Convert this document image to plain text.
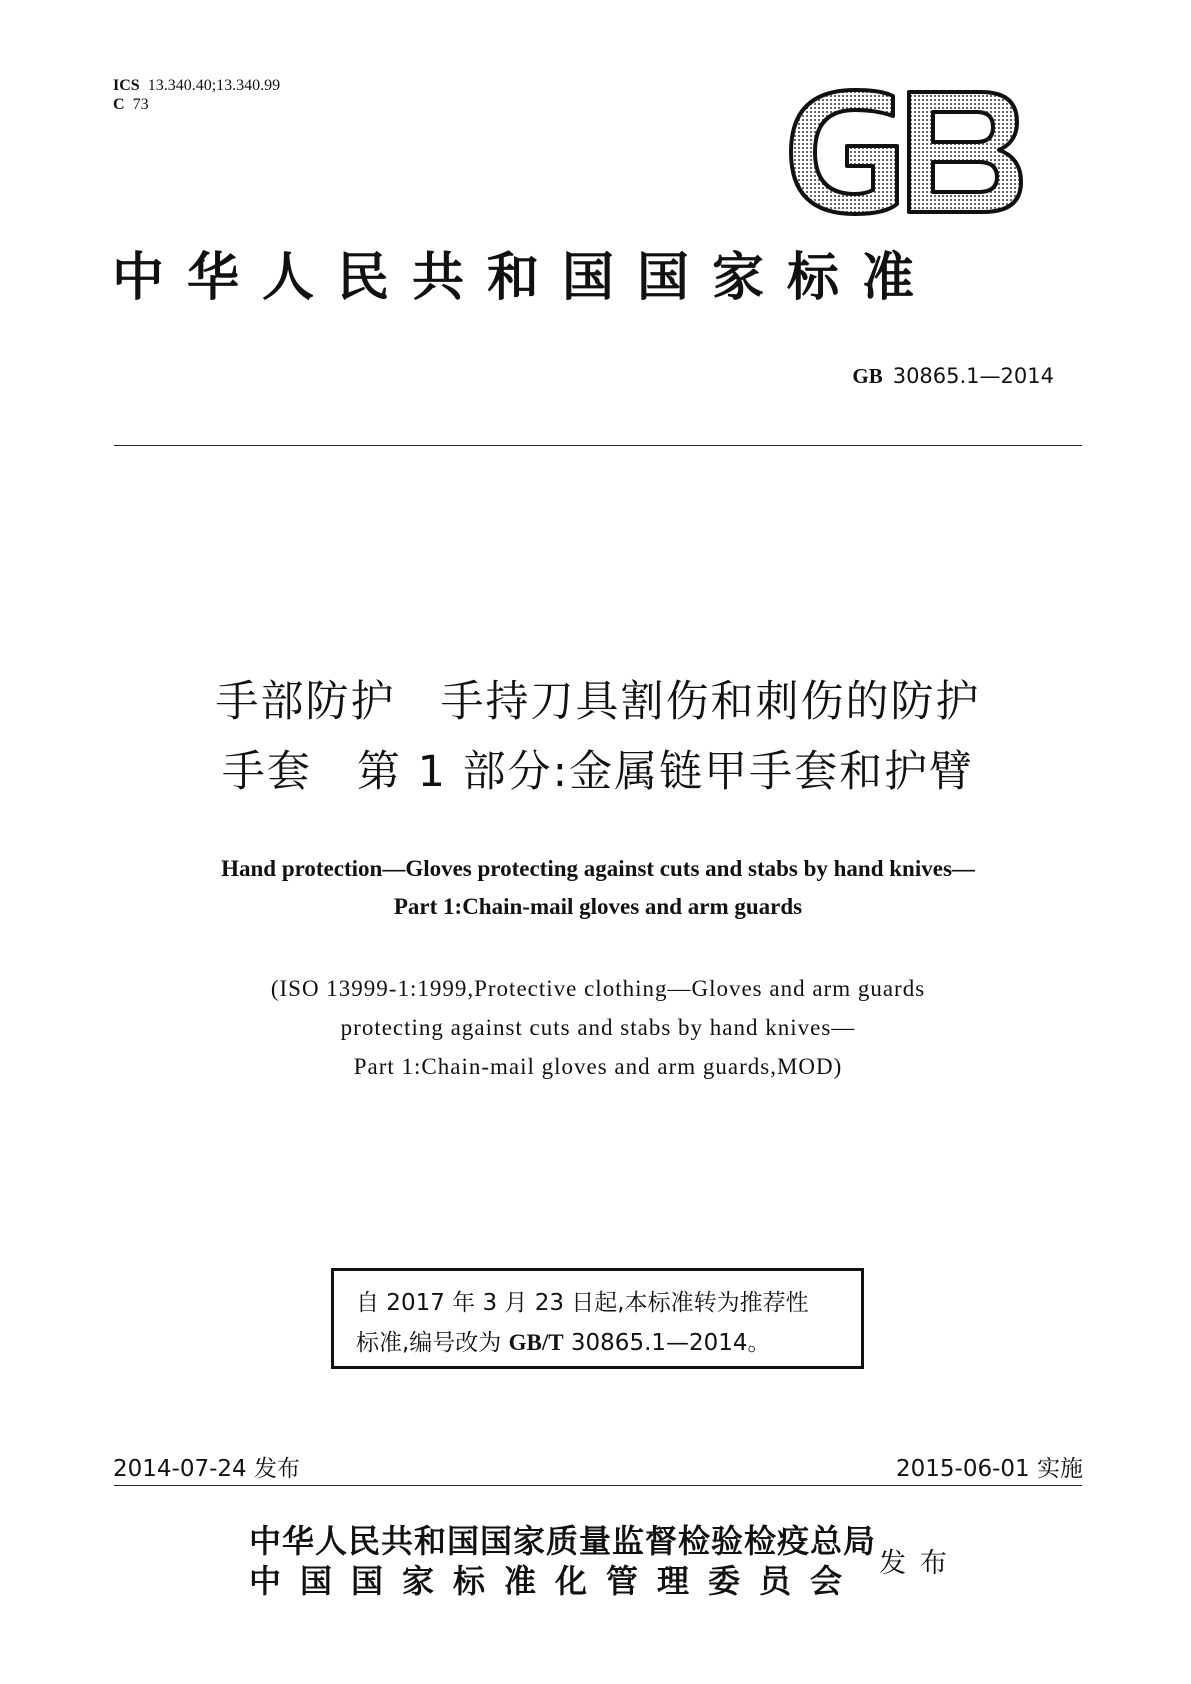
ICS 13.340.40;13.340.99
C 73
中华人民共和国国家标准
GB 30865.1—2014
手部防护　手持刀具割伤和刺伤的防护
手套　第 1 部分:金属链甲手套和护臂
Hand protection—Gloves protecting against cuts and stabs by hand knives—
Part 1:Chain-mail gloves and arm guards
(ISO 13999-1:1999,Protective clothing—Gloves and arm guards
protecting against cuts and stabs by hand knives—
Part 1:Chain-mail gloves and arm guards,MOD)
自 2017 年 3 月 23 日起,本标准转为推荐性
标准,编号改为 GB/T 30865.1—2014。
2014-07-24 发布	2015-06-01 实施
中华人民共和国国家质量监督检验检疫总局
中国国家标准化管理委员会 发布
